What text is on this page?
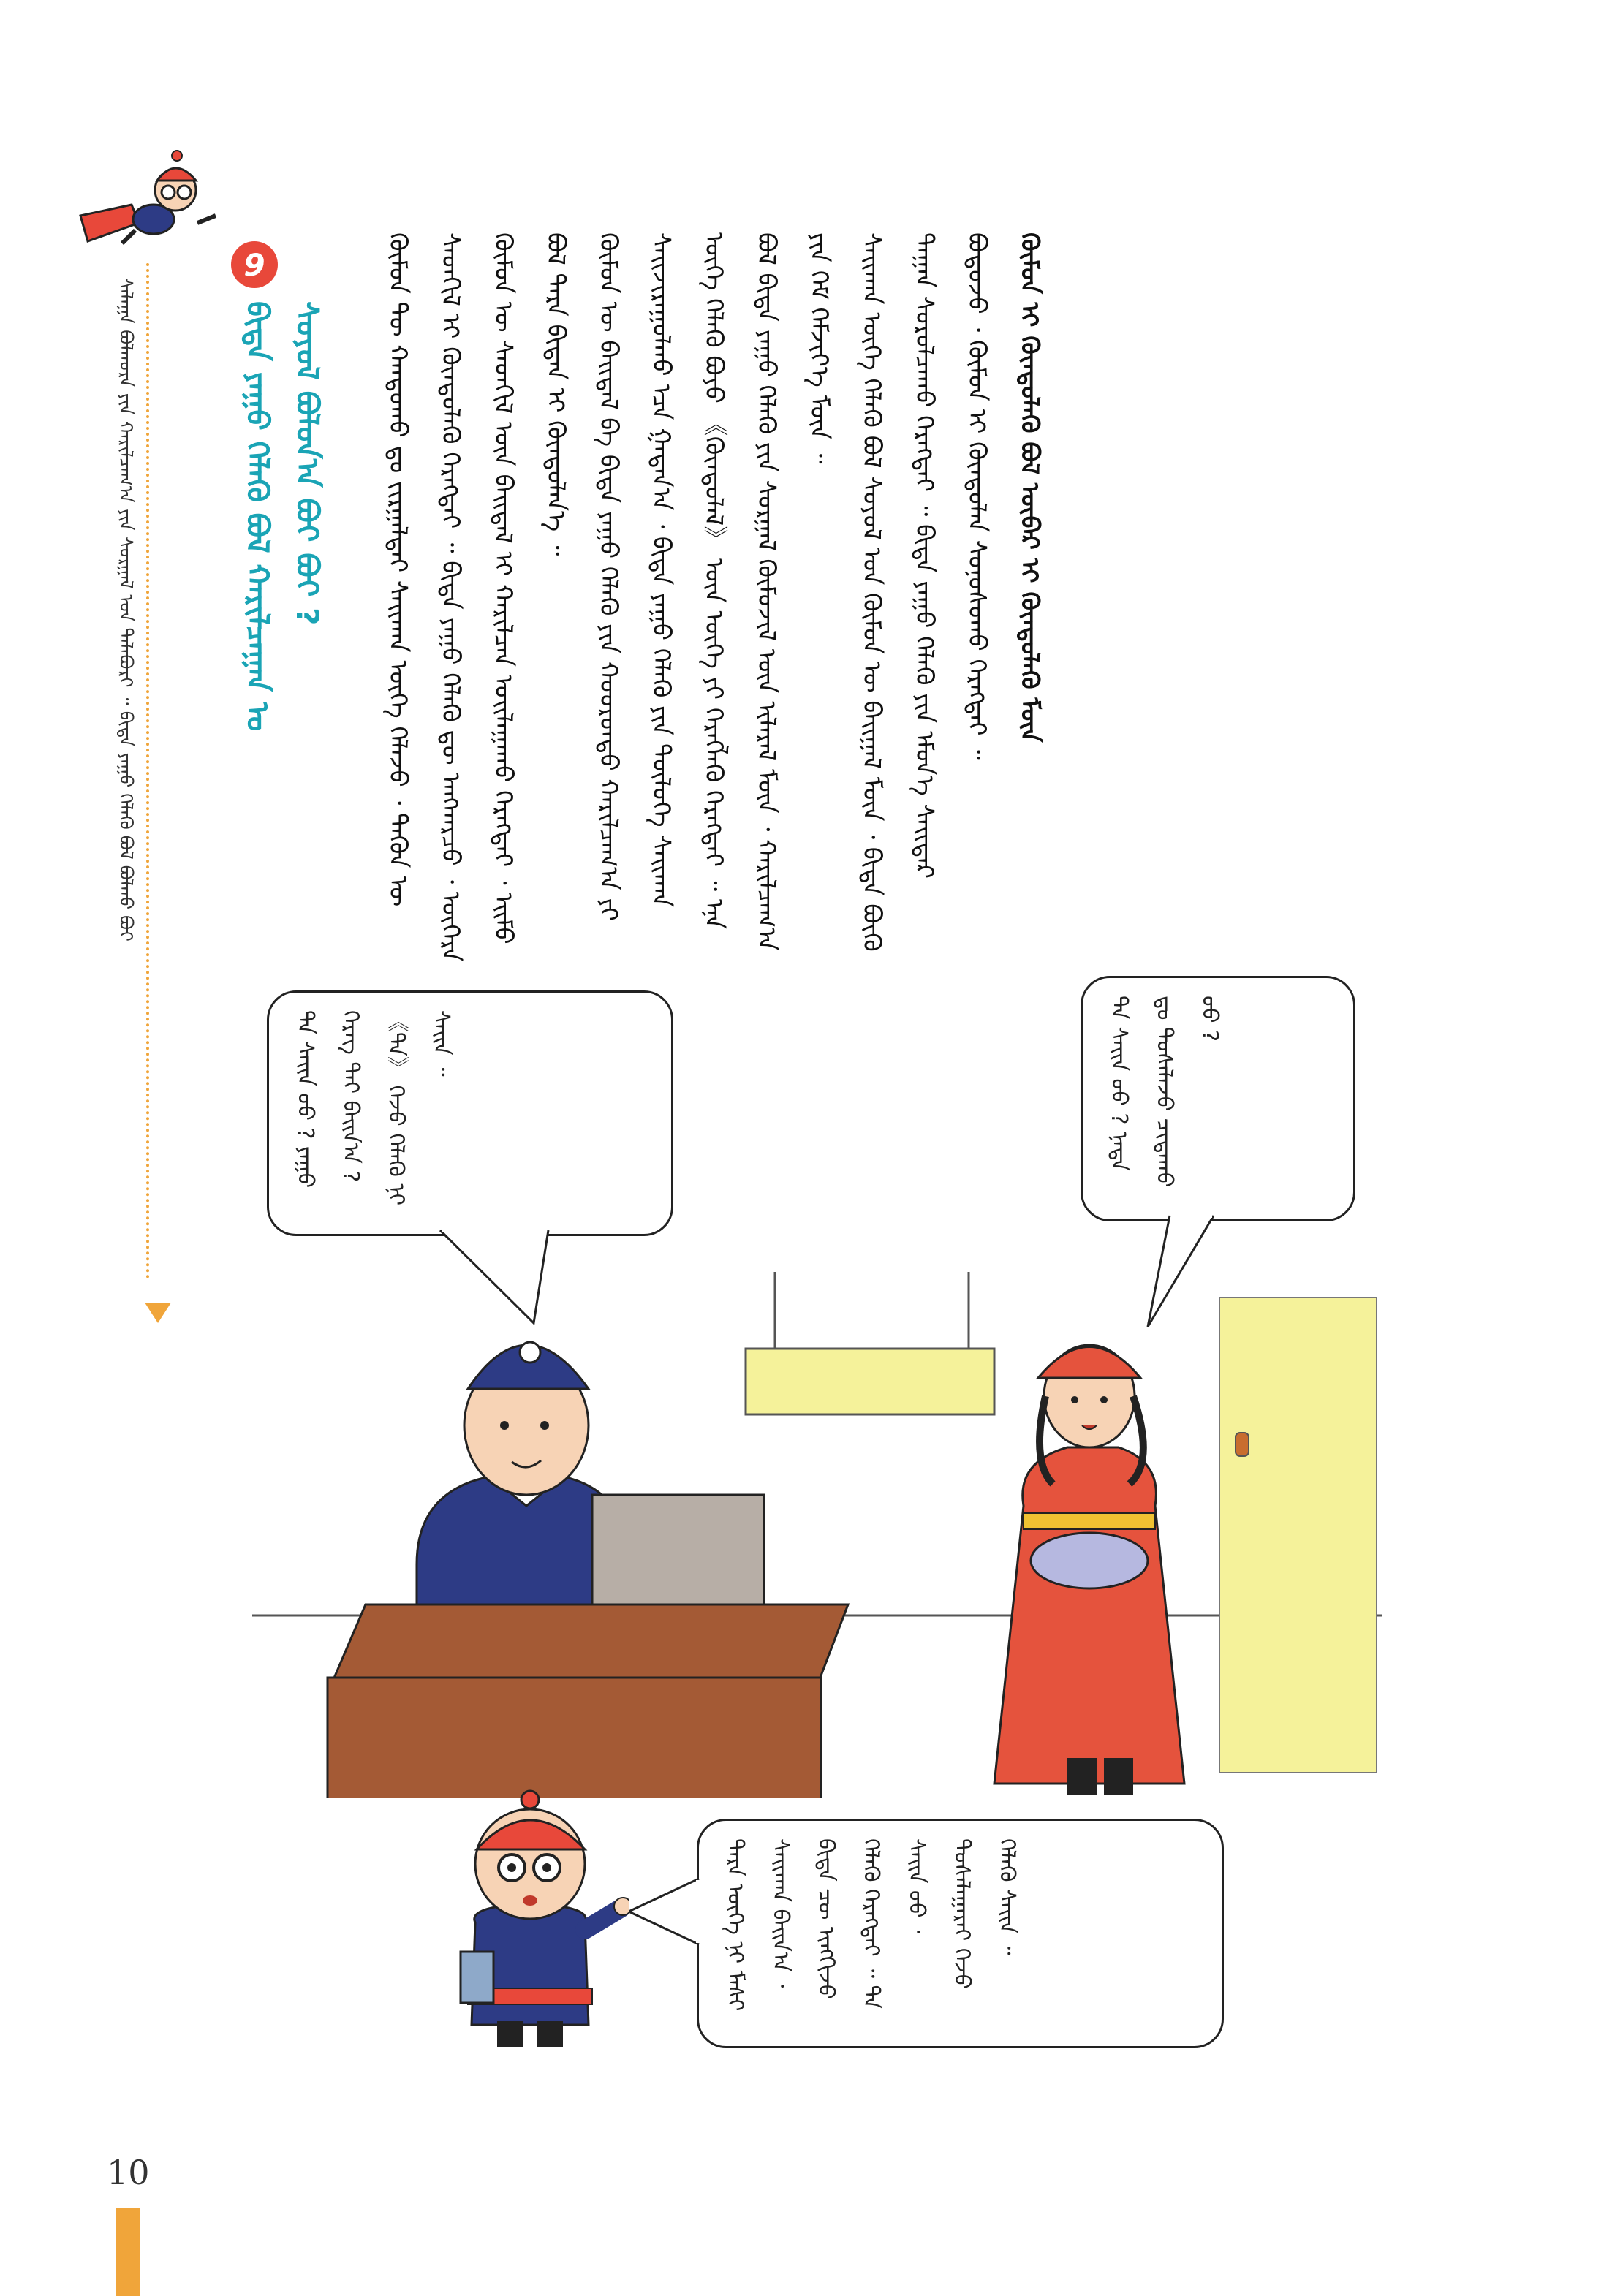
ᠰᠠᠯᠠᠭᠠ ᠪᠣᠯᠬᠣᠷᠠ ᠶᠢᠨ ᠬᠠᠷᠢᠯᠴᠠᠭ᠎ᠠ ᠶᠢᠨ ᠰᠤᠷᠭᠠᠯ ᠤᠨ ᠲᠡᠯᠡᠪᠦᠷᠢ ᠃ ᠪᠢᠳᠡ ᠶᠠᠭᠤ ᠬᠡᠯᠡᠬᠦ ᠪᠣᠯ ᠪᠣᠯᠬᠤ ᠪᠤᠢ
9
ᠪᠢᠳᠡ ᠶᠠᠭᠤ ᠬᠡᠯᠡᠬᠦ ᠪᠣᠯ ᠬᠠᠷᠢᠯᠴᠠᠭᠠᠨ ᠤ ᠰᠣᠶᠣᠯ ᠪᠣᠯᠤᠨ᠎ᠠ ᠪᠤᠢ ᠪᠤᠢ ?	ᠬᠦᠮᠦᠨ ᠲᠦ ᠬᠠᠨᠳᠤᠬᠤ ᠳᠤ ᠵᠢᠷᠭᠠᠯᠲᠠᠢ ᠰᠠᠢᠬᠠᠨ ᠦᠭᠡ ᠬᠡᠯᠡᠵᠦ ᠂ ᠲᠡᠭᠦᠨ ᠦ ᠰᠡᠳᠬᠢᠯ ᠢ ᠬᠦᠨᠳᠦᠯᠡᠬᠦ ᠬᠡᠷᠡᠭᠲᠡᠢ ᠃ ᠪᠢᠳᠡ ᠶᠠᠭᠤ ᠬᠡᠯᠡᠬᠦ ᠳᠦ ᠠᠩᠬᠠᠷᠴᠤ ᠂ ᠥᠭᠡᠷᠡ ᠬᠦᠮᠦᠨ ᠦ ᠰᠡᠳᠬᠢᠯ ᠦᠨ ᠪᠠᠢᠳᠠᠯ ᠢ ᠬᠠᠷᠢᠯᠴᠠᠨ ᠤᠢᠯᠠᠭᠠᠬᠤ ᠬᠡᠷᠡᠭᠲᠡᠢ ᠂ ᠡᠢᠮᠦ ᠪᠣᠯ ᠲᠡᠷᠡ ᠪᠢᠳᠡᠨ ᠢ ᠬᠦᠨᠳᠦᠯᠡᠨ᠎ᠡ ᠃ ᠬᠦᠮᠦᠨ ᠦ ᠪᠠᠢᠳᠠᠯ ᠪᠠ ᠪᠢᠳᠡ ᠶᠠᠭᠤ ᠬᠡᠯᠡᠬᠦ ᠶᠢᠨ ᠬᠣᠤᠷᠣᠨᠳᠤ ᠬᠠᠷᠢᠯᠴᠠᠭ᠎ᠠ ᠶᠢ ᠰᠠᠢᠵᠢᠷᠠᠭᠤᠯᠬᠤ ᠡᠴᠡ ᠭᠠᠳᠠᠨ᠎ᠠ ᠂ ᠪᠢᠳᠡ ᠶᠠᠭᠤ ᠬᠡᠯᠡᠬᠦ ᠶᠢᠨ ᠲᠥᠯᠥᠭᠡ ᠰᠠᠢᠬᠠᠨ ᠦᠭᠡ ᠬᠡᠯᠡᠬᠦ ᠪᠤᠶᠤ 《ᠬᠦᠨᠳᠦᠯᠡᠯ》 ᠦᠨ ᠦᠭᠡ ᠶᠢ ᠬᠡᠷᠡᠭᠯᠡᠬᠦ ᠬᠡᠷᠡᠭᠲᠡᠢ ᠃ ᠡᠨᠡ ᠪᠣᠯ ᠪᠢᠳᠡ ᠶᠠᠭᠤ ᠬᠡᠯᠡᠬᠦ ᠶᠢᠨ ᠰᠤᠷᠭᠠᠯ ᠬᠦᠮᠦᠵᠢᠯ ᠦᠨ ᠢᠯᠡᠷᠡᠯ ᠮᠥᠨ ᠂ ᠬᠠᠷᠢᠯᠴᠠᠭ᠎ᠠ ᠶᠢᠨ ᠬᠡᠮ ᠬᠡᠮᠵᠢᠶ᠎ᠡ ᠮᠥᠨ ᠃ ᠰᠠᠢᠬᠠᠨ ᠦᠭᠡ ᠬᠡᠯᠡᠬᠦ ᠪᠣᠯ ᠰᠣᠶᠣᠯ ᠤᠨ ᠬᠦᠮᠦᠨ ᠦ ᠪᠠᠢᠭᠠᠯ ᠮᠥᠨ ᠂ ᠪᠢᠳᠡ ᠪᠦᠬᠦ ᠳᠠᠭᠠᠨ ᠰᠤᠷᠤᠯᠴᠠᠬᠤ ᠬᠡᠷᠡᠭᠲᠡᠢ ᠃ ᠪᠢᠳᠡ ᠶᠠᠭᠤ ᠬᠡᠯᠡᠬᠦ ᠶᠢᠨ ᠡᠮᠦᠨ᠎ᠡ ᠰᠠᠢᠲᠠᠷ ᠪᠣᠳᠣᠵᠤ ᠂ ᠬᠦᠮᠦᠨ ᠢ ᠬᠦᠨᠳᠦᠯᠡᠨ ᠰᠣᠨᠣᠰᠣᠬᠤ ᠬᠡᠷᠡᠭᠲᠡᠢ ᠃ ᠬᠦᠮᠦᠨ ᠢ ᠬᠦᠨᠳᠦᠯᠡᠬᠦ ᠪᠣᠯ ᠥᠪᠡᠷ ᠢ ᠬᠦᠨᠳᠦᠯᠡᠬᠦ ᠮᠥᠨ

ᠲᠠ ᠰᠠᠢᠨ ᠤᠤ ? ᠶᠠᠭᠤ ᠬᠡᠷᠡᠭ ᠲᠠᠢ ᠪᠠᠢᠨ᠎ᠠ ? 《ᠲᠠ》 ᠭᠡᠵᠦ ᠬᠡᠯᠡᠬᠦ ᠨᠢ ᠰᠠᠢᠨ ᠃	ᠲᠠ ᠰᠠᠢᠨ ᠤᠤ ? ᠨᠠᠳᠠ ᠳᠤ ᠲᠤᠰᠠᠯᠠᠵᠤ ᠴᠢᠳᠠᠬᠤ ᠤᠤ ?
ᠲᠡᠷᠡ ᠦᠭᠡ ᠨᠢ ᠮᠠᠰᠢ ᠰᠠᠢᠬᠠᠨ ᠪᠠᠢᠨ᠎ᠠ ᠂ ᠪᠢᠳᠡ ᠴᠦ ᠢᠩᠭᠢᠵᠦ ᠬᠡᠯᠡᠬᠦ ᠬᠡᠷᠡᠭᠲᠡᠢ ᠃ ᠲᠠ ᠰᠠᠢᠨ ᠤᠤ ᠂ ᠲᠤᠰᠠᠯᠠᠭᠠᠷᠠᠢ ᠭᠡᠵᠦ ᠬᠡᠯᠡᠬᠦ ᠰᠠᠢᠨ ᠃
10
